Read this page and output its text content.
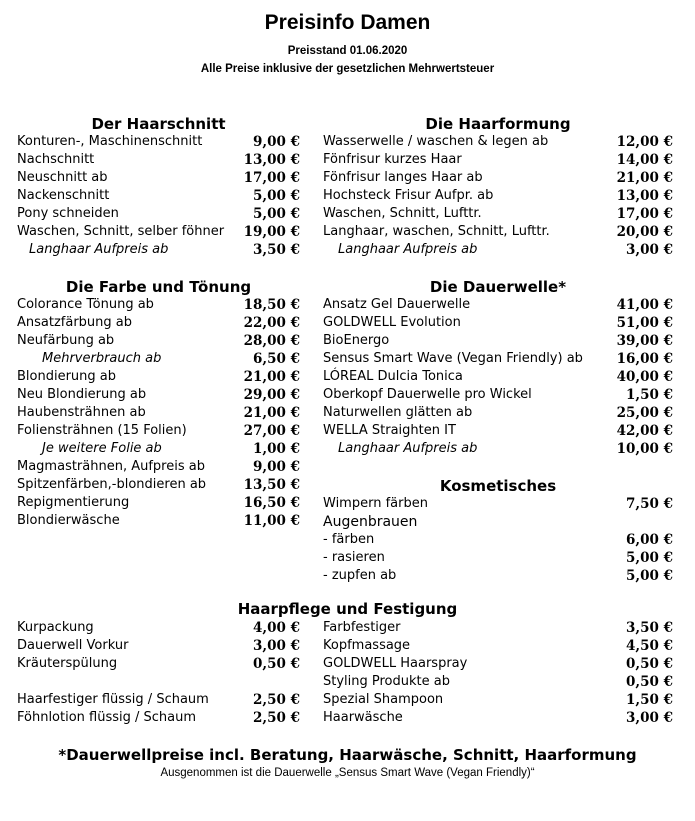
Preisinfo Damen
Preisstand 01.06.2020
Alle Preise inklusive der gesetzlichen Mehrwertsteuer
Der Haarschnitt
Konturen-, Maschinenschnitt	9,00 €
Nachschnitt	13,00 €
Neuschnitt ab	17,00 €
Nackenschnitt	5,00 €
Pony schneiden	5,00 €
Waschen, Schnitt, selber föhner 19,00 €
Langhaar Aufpreis ab	3,50 €
Die Haarformung
Wasserwelle / waschen & legen ab	12,00 €
Fönfrisur kurzes Haar	14,00 €
Fönfrisur langes Haar ab	21,00 €
Hochsteck Frisur Aufpr. ab	13,00 €
Waschen, Schnitt, Lufttr.	17,00 €
Langhaar, waschen, Schnitt, Lufttr.	20,00 €
Langhaar Aufpreis ab	3,00 €
Die Farbe und Tönung
Colorance Tönung ab	18,50 €
Ansatzfärbung ab	22,00 €
Neufärbung ab	28,00 €
Mehrverbrauch ab	6,50 €
Blondierung ab	21,00 €
Neu Blondierung ab	29,00 €
Haubensträhnen ab	21,00 €
Foliensträhnen (15 Folien)	27,00 €
Je weitere Folie ab	1,00 €
Magmasträhnen, Aufpreis ab	9,00 €
Spitzenfärben,-blondieren ab	13,50 €
Repigmentierung	16,50 €
Blondierwäsche	11,00 €
Die Dauerwelle*
Ansatz Gel Dauerwelle	41,00 €
GOLDWELL Evolution	51,00 €
BioEnergo	39,00 €
Sensus Smart Wave (Vegan Friendly) ab 16,00 €
LÓREAL Dulcia Tonica	40,00 €
Oberkopf Dauerwelle pro Wickel	1,50 €
Naturwellen glätten ab	25,00 €
WELLA Straighten IT	42,00 €
Langhaar Aufpreis ab	10,00 €
Kosmetisches
Wimpern färben	7,50 €
Augenbrauen
- färben	6,00 €
- rasieren	5,00 €
- zupfen ab	5,00 €
Haarpflege und Festigung
Kurpackung	4,00 €
Dauerwell Vorkur	3,00 €
Kräuterspülung	0,50 €
Haarfestiger flüssig / Schaum	2,50 €
Föhnlotion flüssig / Schaum	2,50 €
Farbfestiger	3,50 €
Kopfmassage	4,50 €
GOLDWELL Haarspray	0,50 €
Styling Produkte ab	0,50 €
Spezial Shampoon	1,50 €
Haarwäsche	3,00 €
*Dauerwellpreise incl. Beratung, Haarwäsche, Schnitt, Haarformung
Ausgenommen ist die Dauerwelle „Sensus Smart Wave (Vegan Friendly)“
